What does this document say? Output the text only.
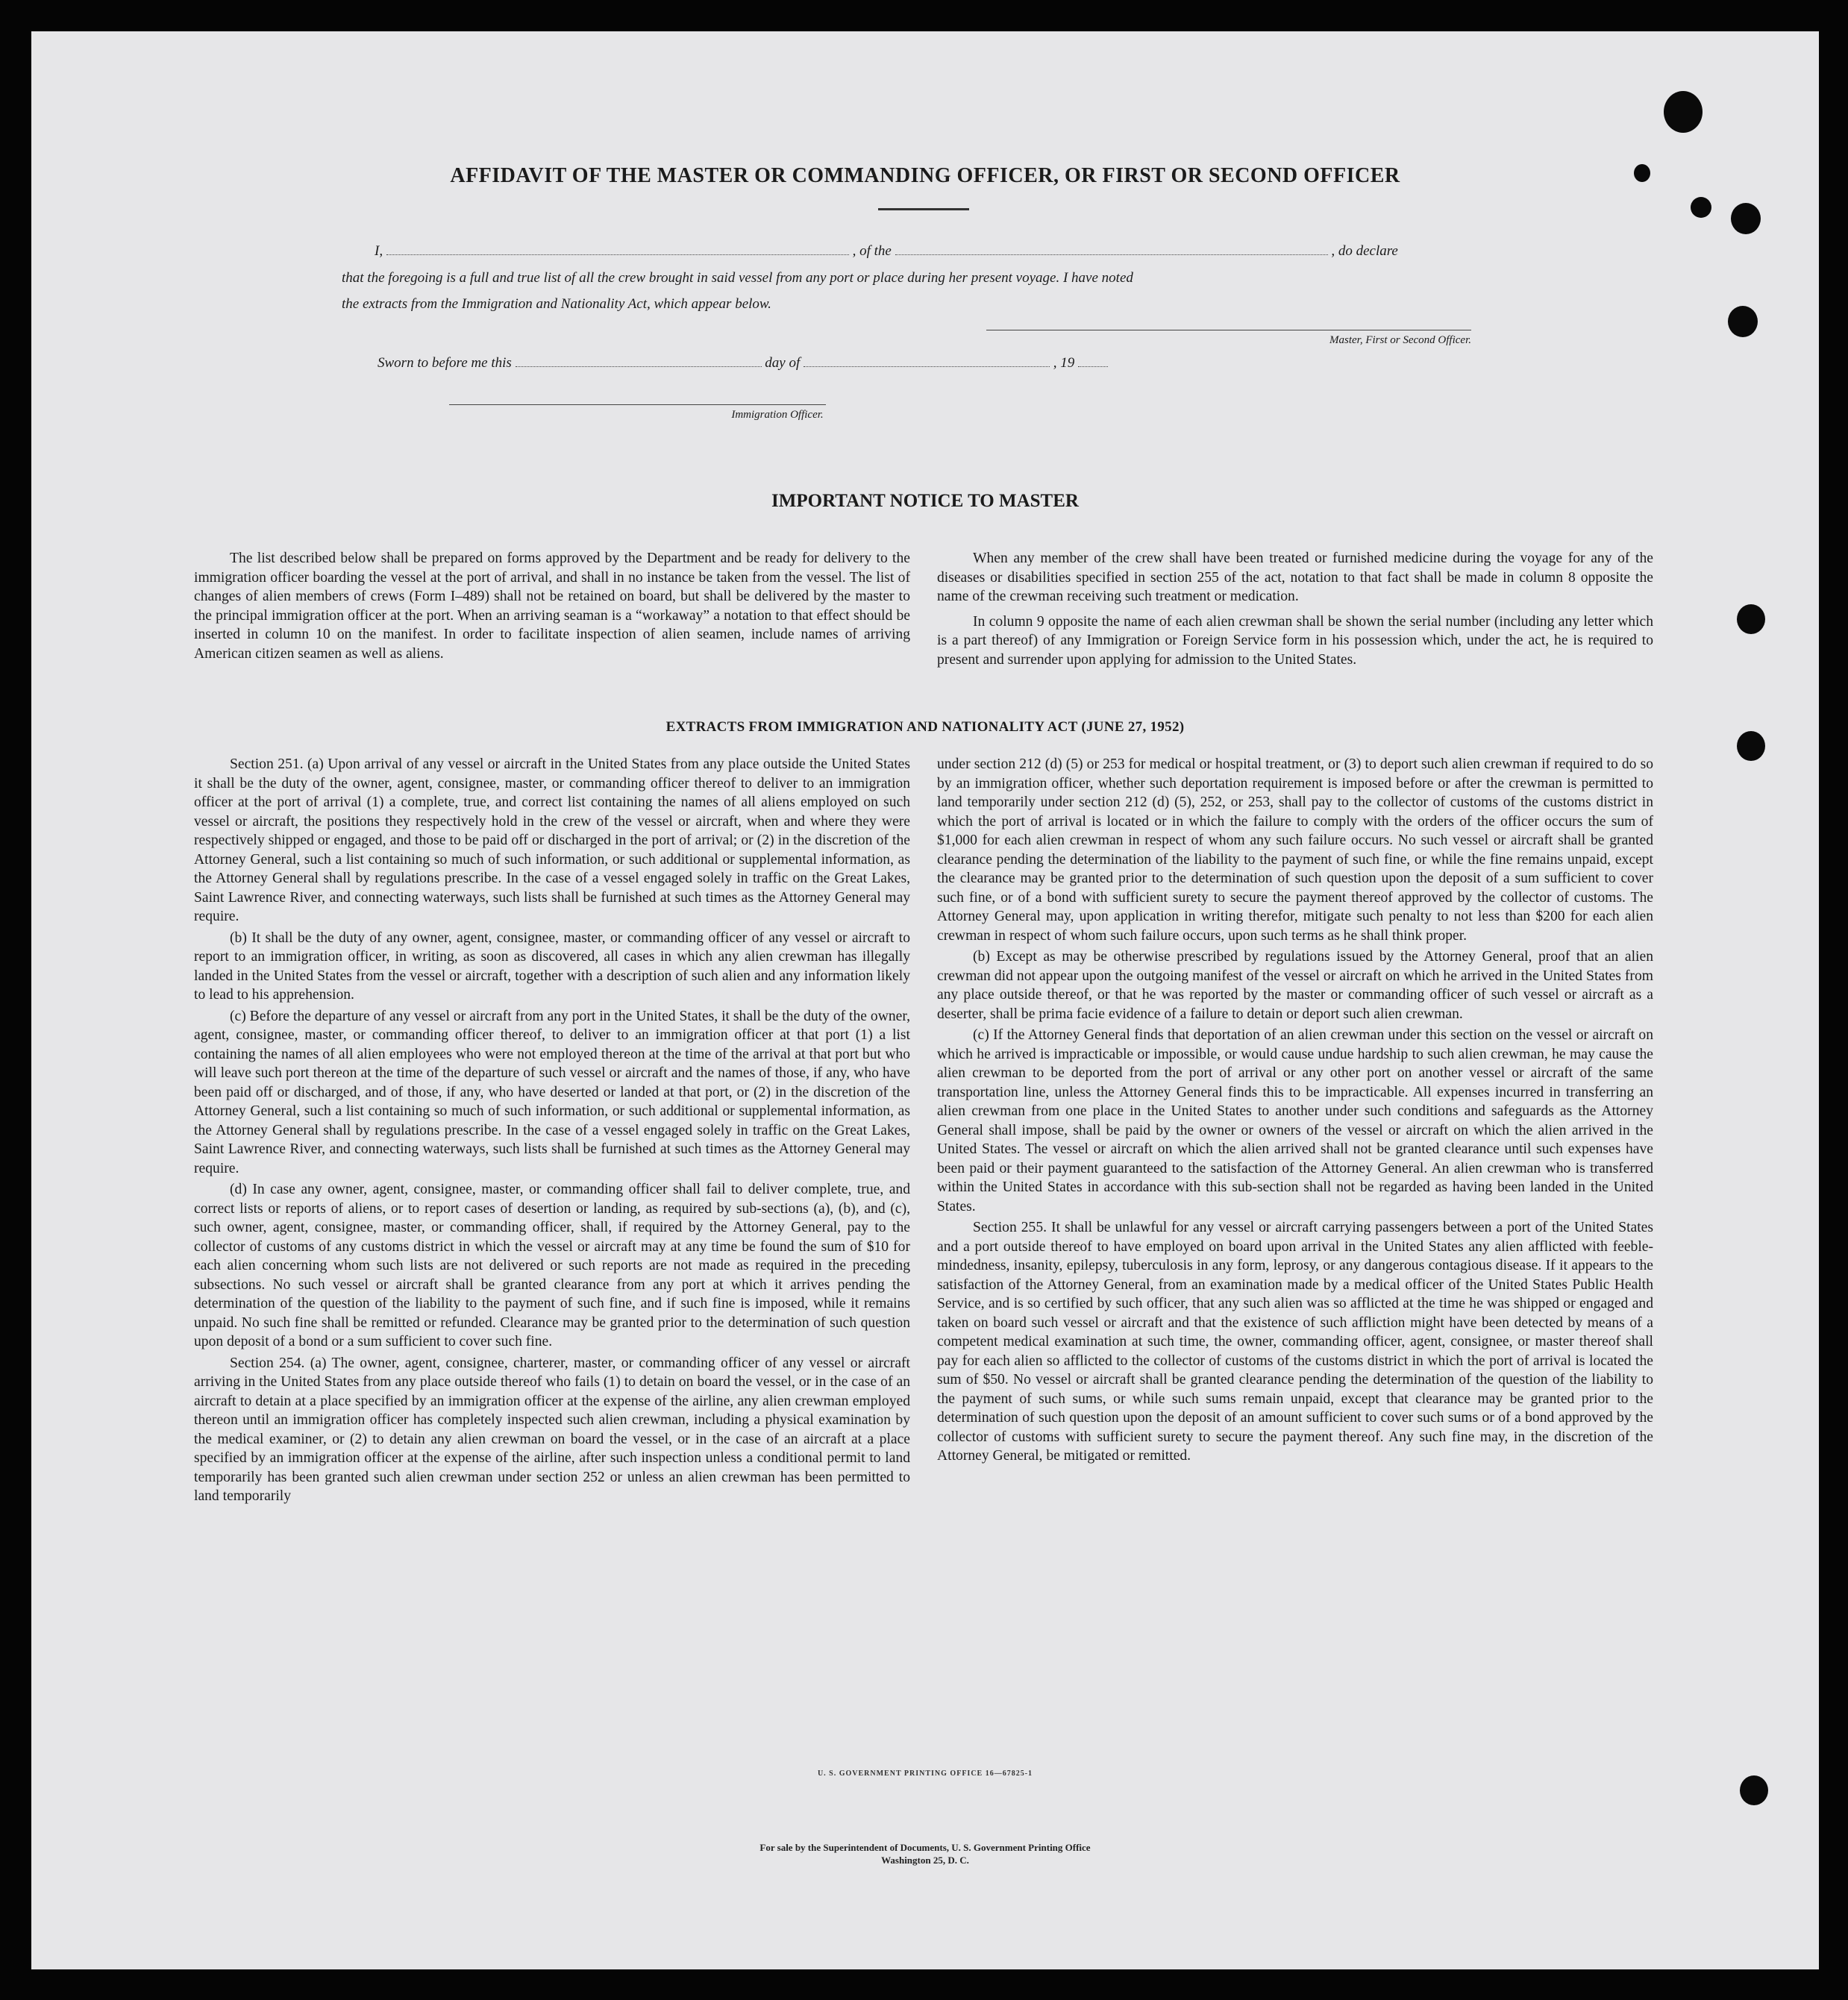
AFFIDAVIT OF THE MASTER OR COMMANDING OFFICER, OR FIRST OR SECOND OFFICER
I,	, of the	, do declare
that the foregoing is a full and true list of all the crew brought in said vessel from any port or place during her present voyage. I have noted
the extracts from the Immigration and Nationality Act, which appear below.
Master, First or Second Officer.
Sworn to before me this	day of	, 19
Immigration Officer.
IMPORTANT NOTICE TO MASTER

The list described below shall be prepared on forms approved by the Department and be ready for delivery to the immigration officer boarding the vessel at the port of arrival, and shall in no instance be taken from the vessel. The list of changes of alien members of crews (Form I–489) shall not be retained on board, but shall be delivered by the master to the principal immigration officer at the port. When an arriving seaman is a “workaway” a notation to that effect should be inserted in column 10 on the manifest. In order to facilitate inspection of alien seamen, include names of arriving American citizen seamen as well as aliens.

When any member of the crew shall have been treated or furnished medicine during the voyage for any of the diseases or disabilities specified in section 255 of the act, notation to that fact shall be made in column 8 opposite the name of the crewman receiving such treatment or medication.

In column 9 opposite the name of each alien crewman shall be shown the serial number (including any letter which is a part thereof) of any Immigration or Foreign Service form in his possession which, under the act, he is required to present and surrender upon applying for admission to the United States.

EXTRACTS FROM IMMIGRATION AND NATIONALITY ACT (JUNE 27, 1952)

Section 251. (a) Upon arrival of any vessel or aircraft in the United States from any place outside the United States it shall be the duty of the owner, agent, consignee, master, or commanding officer thereof to deliver to an immigration officer at the port of arrival (1) a complete, true, and correct list containing the names of all aliens employed on such vessel or aircraft, the positions they respectively hold in the crew of the vessel or aircraft, when and where they were respectively shipped or engaged, and those to be paid off or discharged in the port of arrival; or (2) in the discretion of the Attorney General, such a list containing so much of such information, or such additional or supplemental information, as the Attorney General shall by regulations prescribe. In the case of a vessel engaged solely in traffic on the Great Lakes, Saint Lawrence River, and connecting waterways, such lists shall be furnished at such times as the Attorney General may require.

(b) It shall be the duty of any owner, agent, consignee, master, or commanding officer of any vessel or aircraft to report to an immigration officer, in writing, as soon as discovered, all cases in which any alien crewman has illegally landed in the United States from the vessel or aircraft, together with a description of such alien and any information likely to lead to his apprehension.

(c) Before the departure of any vessel or aircraft from any port in the United States, it shall be the duty of the owner, agent, consignee, master, or commanding officer thereof, to deliver to an immigration officer at that port (1) a list containing the names of all alien employees who were not employed thereon at the time of the arrival at that port but who will leave such port thereon at the time of the departure of such vessel or aircraft and the names of those, if any, who have been paid off or discharged, and of those, if any, who have deserted or landed at that port, or (2) in the discretion of the Attorney General, such a list containing so much of such information, or such additional or supplemental information, as the Attorney General shall by regulations prescribe. In the case of a vessel engaged solely in traffic on the Great Lakes, Saint Lawrence River, and connecting waterways, such lists shall be furnished at such times as the Attorney General may require.

(d) In case any owner, agent, consignee, master, or commanding officer shall fail to deliver complete, true, and correct lists or reports of aliens, or to report cases of desertion or landing, as required by sub-sections (a), (b), and (c), such owner, agent, consignee, master, or commanding officer, shall, if required by the Attorney General, pay to the collector of customs of any customs district in which the vessel or aircraft may at any time be found the sum of $10 for each alien concerning whom such lists are not delivered or such reports are not made as required in the preceding subsections. No such vessel or aircraft shall be granted clearance from any port at which it arrives pending the determination of the question of the liability to the payment of such fine, and if such fine is imposed, while it remains unpaid. No such fine shall be remitted or refunded. Clearance may be granted prior to the determination of such question upon deposit of a bond or a sum sufficient to cover such fine.

Section 254. (a) The owner, agent, consignee, charterer, master, or commanding officer of any vessel or aircraft arriving in the United States from any place outside thereof who fails (1) to detain on board the vessel, or in the case of an aircraft to detain at a place specified by an immigration officer at the expense of the airline, any alien crewman employed thereon until an immigration officer has completely inspected such alien crewman, including a physical examination by the medical examiner, or (2) to detain any alien crewman on board the vessel, or in the case of an aircraft at a place specified by an immigration officer at the expense of the airline, after such inspection unless a conditional permit to land temporarily has been granted such alien crewman under section 252 or unless an alien crewman has been permitted to land temporarily

under section 212 (d) (5) or 253 for medical or hospital treatment, or (3) to deport such alien crewman if required to do so by an immigration officer, whether such deportation requirement is imposed before or after the crewman is permitted to land temporarily under section 212 (d) (5), 252, or 253, shall pay to the collector of customs of the customs district in which the port of arrival is located or in which the failure to comply with the orders of the officer occurs the sum of $1,000 for each alien crewman in respect of whom any such failure occurs. No such vessel or aircraft shall be granted clearance pending the determination of the liability to the payment of such fine, or while the fine remains unpaid, except the clearance may be granted prior to the determination of such question upon the deposit of a sum sufficient to cover such fine, or of a bond with sufficient surety to secure the payment thereof approved by the collector of customs. The Attorney General may, upon application in writing therefor, mitigate such penalty to not less than $200 for each alien crewman in respect of whom such failure occurs, upon such terms as he shall think proper.

(b) Except as may be otherwise prescribed by regulations issued by the Attorney General, proof that an alien crewman did not appear upon the outgoing manifest of the vessel or aircraft on which he arrived in the United States from any place outside thereof, or that he was reported by the master or commanding officer of such vessel or aircraft as a deserter, shall be prima facie evidence of a failure to detain or deport such alien crewman.

(c) If the Attorney General finds that deportation of an alien crewman under this section on the vessel or aircraft on which he arrived is impracticable or impossible, or would cause undue hardship to such alien crewman, he may cause the alien crewman to be deported from the port of arrival or any other port on another vessel or aircraft of the same transportation line, unless the Attorney General finds this to be impracticable. All expenses incurred in transferring an alien crewman from one place in the United States to another under such conditions and safeguards as the Attorney General shall impose, shall be paid by the owner or owners of the vessel or aircraft on which the alien arrived in the United States. The vessel or aircraft on which the alien arrived shall not be granted clearance until such expenses have been paid or their payment guaranteed to the satisfaction of the Attorney General. An alien crewman who is transferred within the United States in accordance with this sub-section shall not be regarded as having been landed in the United States.

Section 255. It shall be unlawful for any vessel or aircraft carrying passengers between a port of the United States and a port outside thereof to have employed on board upon arrival in the United States any alien afflicted with feeble-mindedness, insanity, epilepsy, tuberculosis in any form, leprosy, or any dangerous contagious disease. If it appears to the satisfaction of the Attorney General, from an examination made by a medical officer of the United States Public Health Service, and is so certified by such officer, that any such alien was so afflicted at the time he was shipped or engaged and taken on board such vessel or aircraft and that the existence of such affliction might have been detected by means of a competent medical examination at such time, the owner, commanding officer, agent, consignee, or master thereof shall pay for each alien so afflicted to the collector of customs of the customs district in which the port of arrival is located the sum of $50. No vessel or aircraft shall be granted clearance pending the determination of the question of the liability to the payment of such sums, or while such sums remain unpaid, except that clearance may be granted prior to the determination of such question upon the deposit of an amount sufficient to cover such sums or of a bond approved by the collector of customs with sufficient surety to secure the payment thereof. Any such fine may, in the discretion of the Attorney General, be mitigated or remitted.

U. S. GOVERNMENT PRINTING OFFICE 16—67825-1
For sale by the Superintendent of Documents, U. S. Government Printing Office
Washington 25, D. C.
